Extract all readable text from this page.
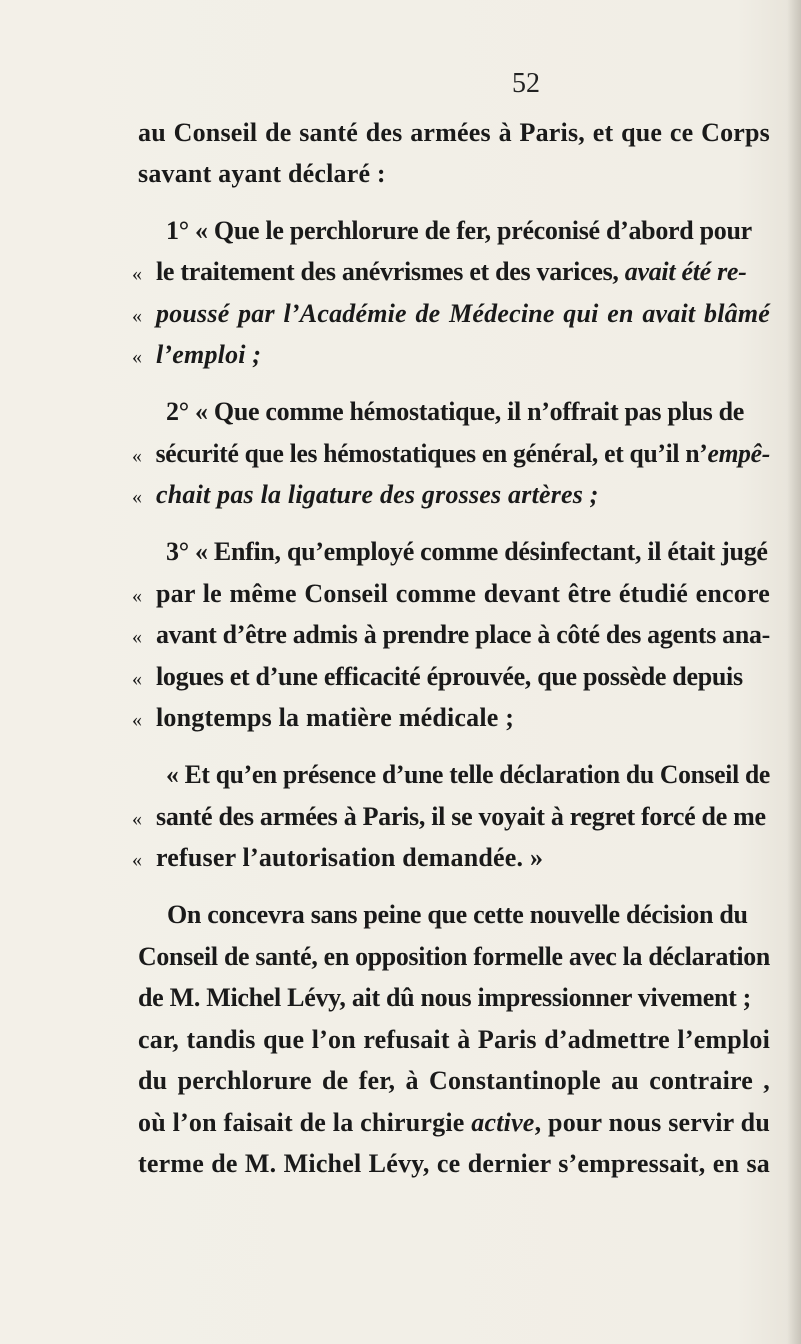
52
au Conseil de santé des armées à Paris, et que ce Corps
savant ayant déclaré :
1° « Que le perchlorure de fer, préconisé d’abord pour
« le traitement des anévrismes et des varices, avait été re-
« poussé par l’Académie de Médecine qui en avait blâmé
« l’emploi ;
2° « Que comme hémostatique, il n’offrait pas plus de
« sécurité que les hémostatiques en général, et qu’il n’empê-
« chait pas la ligature des grosses artères ;
3° « Enfin, qu’employé comme désinfectant, il était jugé
« par le même Conseil comme devant être étudié encore
« avant d’être admis à prendre place à côté des agents ana-
« logues et d’une efficacité éprouvée, que possède depuis
« longtemps la matière médicale ;
« Et qu’en présence d’une telle déclaration du Conseil de
« santé des armées à Paris, il se voyait à regret forcé de me
« refuser l’autorisation demandée. »
On concevra sans peine que cette nouvelle décision du
Conseil de santé, en opposition formelle avec la déclaration
de M. Michel Lévy, ait dû nous impressionner vivement ;
car, tandis que l’on refusait à Paris d’admettre l’emploi
du perchlorure de fer, à Constantinople au contraire ,
où l’on faisait de la chirurgie active, pour nous servir du
terme de M. Michel Lévy, ce dernier s’empressait, en sa
